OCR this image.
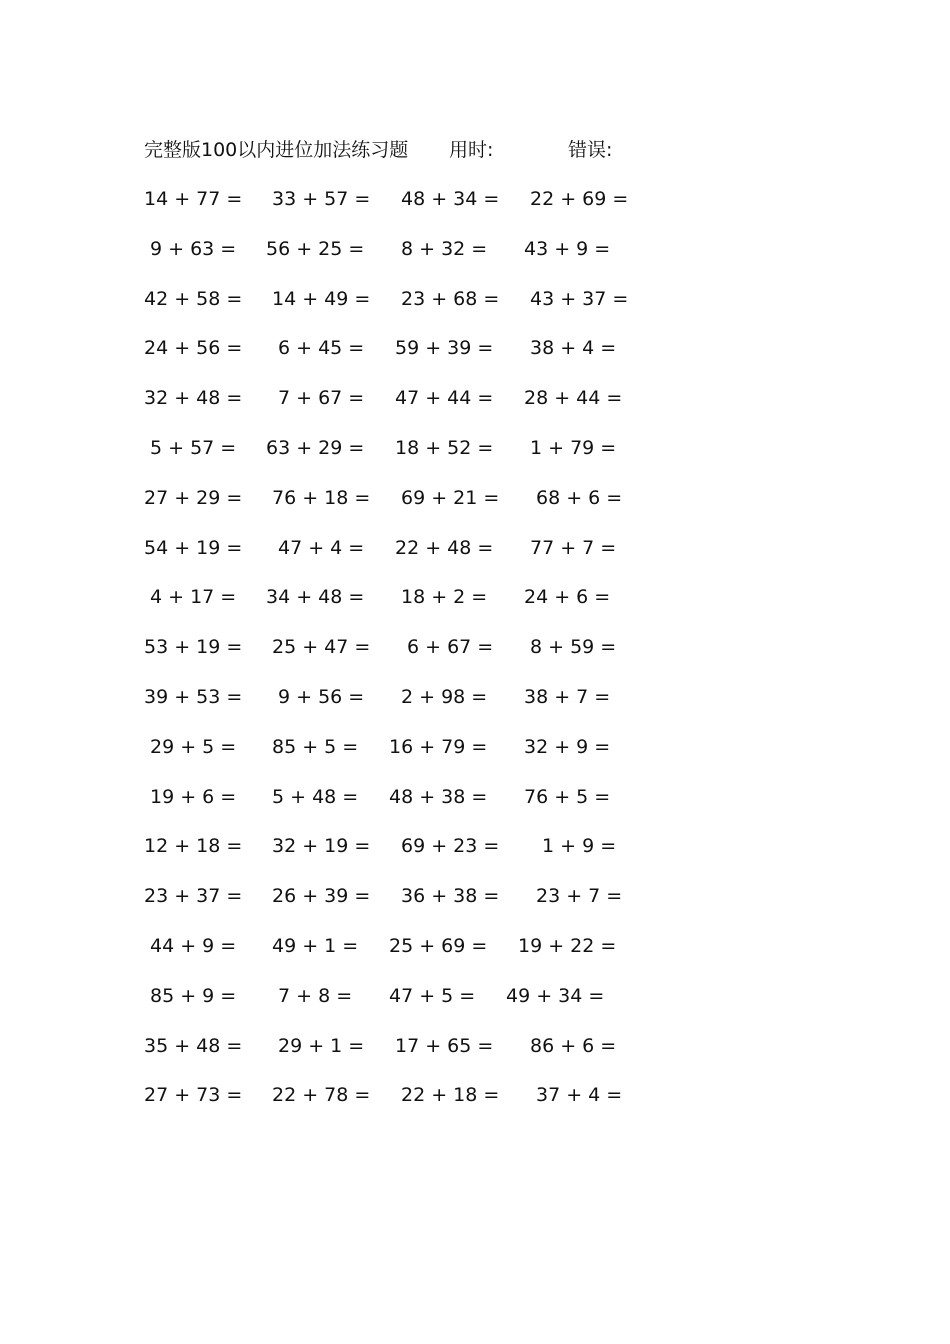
完整版100以内进位加法练习题 用时:	错误:
14 + 77 = 33 + 57 = 48 + 34 = 22 + 69 =
9 + 63 = 56 + 25 = 8 + 32 = 43 + 9 =
42 + 58 = 14 + 49 = 23 + 68 = 43 + 37 =
24 + 56 = 6 + 45 = 59 + 39 = 38 + 4 =
32 + 48 = 7 + 67 = 47 + 44 = 28 + 44 =
5 + 57 = 63 + 29 = 18 + 52 = 1 + 79 =
27 + 29 = 76 + 18 = 69 + 21 = 68 + 6 =
54 + 19 = 47 + 4 = 22 + 48 = 77 + 7 =
4 + 17 = 34 + 48 = 18 + 2 = 24 + 6 =
53 + 19 = 25 + 47 = 6 + 67 = 8 + 59 =
39 + 53 = 9 + 56 = 2 + 98 = 38 + 7 =
29 + 5 = 85 + 5 = 16 + 79 = 32 + 9 =
19 + 6 = 5 + 48 = 48 + 38 = 76 + 5 =
12 + 18 = 32 + 19 = 69 + 23 = 1 + 9 =
23 + 37 = 26 + 39 = 36 + 38 = 23 + 7 =
44 + 9 = 49 + 1 = 25 + 69 = 19 + 22 =
85 + 9 = 7 + 8 = 47 + 5 = 49 + 34 =
35 + 48 = 29 + 1 = 17 + 65 = 86 + 6 =
27 + 73 = 22 + 78 = 22 + 18 = 37 + 4 =
